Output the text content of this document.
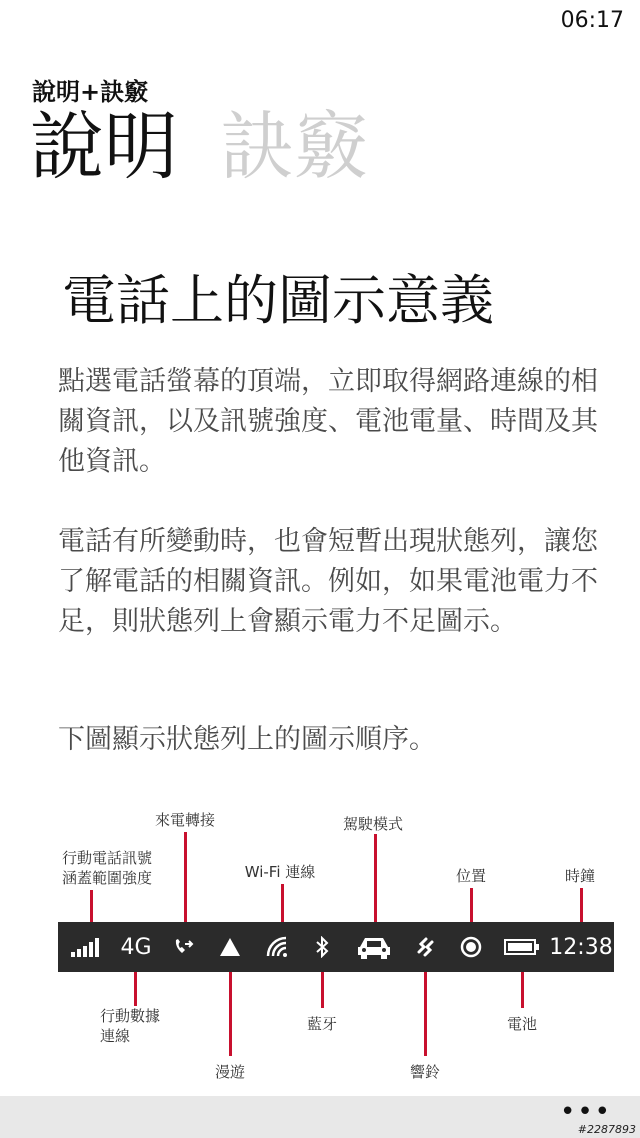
06:17
說明+訣竅
說明 訣竅
電話上的圖示意義
點選電話螢幕的頂端，立即取得網路連線的相關資訊，以及訊號強度、電池電量、時間及其他資訊。
電話有所變動時，也會短暫出現狀態列，讓您了解電話的相關資訊。例如，如果電池電力不足，則狀態列上會顯示電力不足圖示。
下圖顯示狀態列上的圖示順序。
行動電話訊號
涵蓋範圍強度
來電轉接
Wi-Fi 連線
駕駛模式
位置	時鐘
4G	12:38
行動數據
連線
漫遊
藍牙
響鈴
電池
•••
#2287893
